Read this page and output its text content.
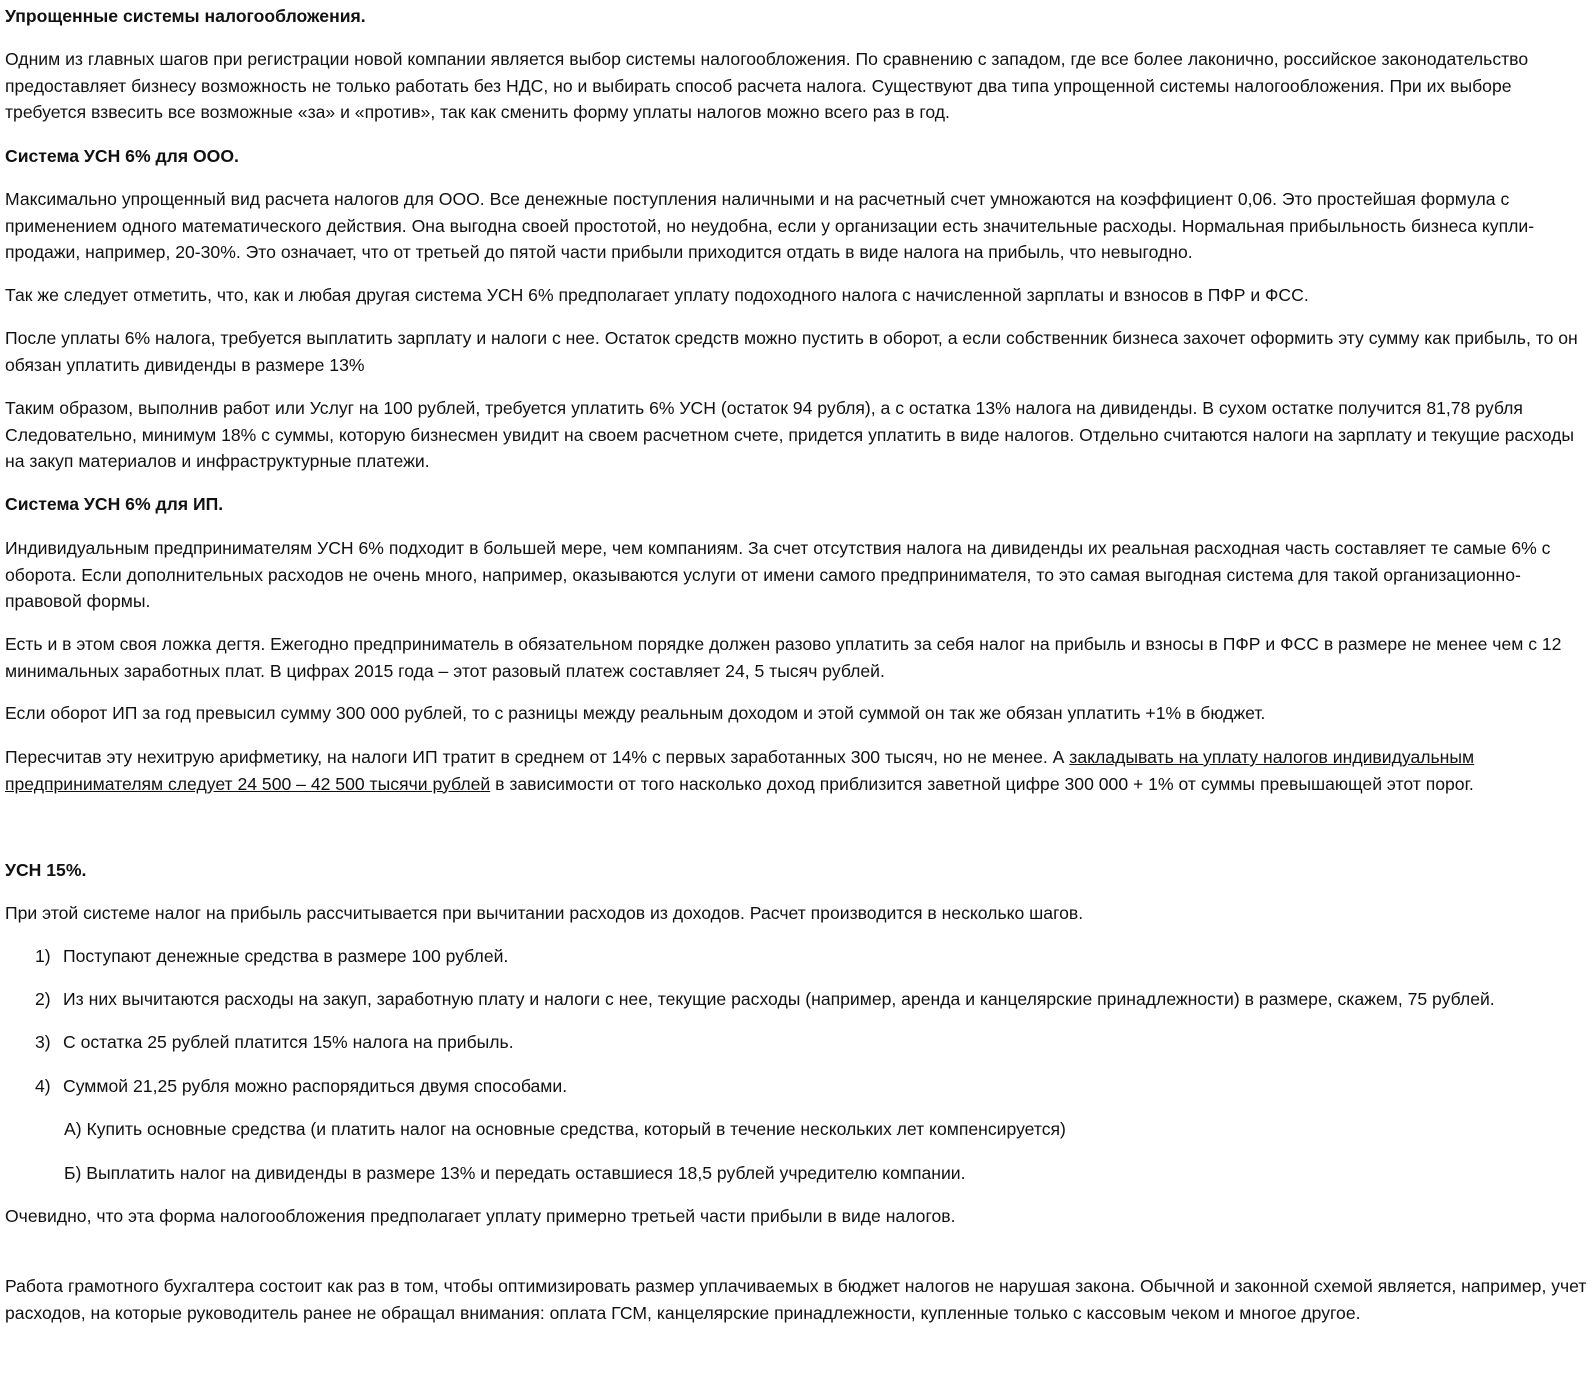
Упрощенные системы налогообложения.

Одним из главных шагов при регистрации новой компании является выбор системы налогообложения. По сравнению с западом, где все более лаконично, российское законодательство предоставляет бизнесу возможность не только работать без НДС, но и выбирать способ расчета налога. Существуют два типа упрощенной системы налогообложения. При их выборе требуется взвесить все возможные «за» и «против», так как сменить форму уплаты налогов можно всего раз в год.

Система УСН 6% для ООО.

Максимально упрощенный вид расчета налогов для ООО. Все денежные поступления наличными и на расчетный счет умножаются на коэффициент 0,06. Это простейшая формула с применением одного математического действия. Она выгодна своей простотой, но неудобна, если у организации есть значительные расходы. Нормальная прибыльность бизнеса купли-продажи, например, 20-30%. Это означает, что от третьей до пятой части прибыли приходится отдать в виде налога на прибыль, что невыгодно.

Так же следует отметить, что, как и любая другая система УСН 6% предполагает уплату подоходного налога с начисленной зарплаты и взносов в ПФР и ФСС.

После уплаты 6% налога, требуется выплатить зарплату и налоги с нее. Остаток средств можно пустить в оборот, а если собственник бизнеса захочет оформить эту сумму как прибыль, то он обязан уплатить дивиденды в размере 13%

Таким образом, выполнив работ или Услуг на 100 рублей, требуется уплатить 6% УСН (остаток 94 рубля), а с остатка 13% налога на дивиденды. В сухом остатке получится 81,78 рубля Следовательно, минимум 18% с суммы, которую бизнесмен увидит на своем расчетном счете, придется уплатить в виде налогов. Отдельно считаются налоги на зарплату и текущие расходы на закуп материалов и инфраструктурные платежи.

Система УСН 6% для ИП.

Индивидуальным предпринимателям УСН 6% подходит в большей мере, чем компаниям. За счет отсутствия налога на дивиденды их реальная расходная часть составляет те самые 6% с оборота. Если дополнительных расходов не очень много, например, оказываются услуги от имени самого предпринимателя, то это самая выгодная система для такой организационно-правовой формы.

Есть и в этом своя ложка дегтя. Ежегодно предприниматель в обязательном порядке должен разово уплатить за себя налог на прибыль и взносы в ПФР и ФСС в размере не менее чем с 12 минимальных заработных плат. В цифрах 2015 года – этот разовый платеж составляет 24, 5 тысяч рублей.

Если оборот ИП за год превысил сумму 300 000 рублей, то с разницы между реальным доходом и этой суммой он так же обязан уплатить +1% в бюджет.

Пересчитав эту нехитрую арифметику, на налоги ИП тратит в среднем от 14% с первых заработанных 300 тысяч, но не менее. А закладывать на уплату налогов индивидуальным предпринимателям следует 24 500 – 42 500 тысячи рублей в зависимости от того насколько доход приблизится заветной цифре 300 000 + 1% от суммы превышающей этот порог.

УСН 15%.

При этой системе налог на прибыль рассчитывается при вычитании расходов из доходов. Расчет производится в несколько шагов.

1) Поступают денежные средства в размере 100 рублей.
2) Из них вычитаются расходы на закуп, заработную плату и налоги с нее, текущие расходы (например, аренда и канцелярские принадлежности) в размере, скажем, 75 рублей.
3) С остатка 25 рублей платится 15% налога на прибыль.
4) Суммой 21,25 рубля можно распорядиться двумя способами.
А) Купить основные средства (и платить налог на основные средства, который в течение нескольких лет компенсируется)
Б) Выплатить налог на дивиденды в размере 13% и передать оставшиеся 18,5 рублей учредителю компании.

Очевидно, что эта форма налогообложения предполагает уплату примерно третьей части прибыли в виде налогов.

Работа грамотного бухгалтера состоит как раз в том, чтобы оптимизировать размер уплачиваемых в бюджет налогов не нарушая закона. Обычной и законной схемой является, например, учет расходов, на которые руководитель ранее не обращал внимания: оплата ГСМ, канцелярские принадлежности, купленные только с кассовым чеком и многое другое.
